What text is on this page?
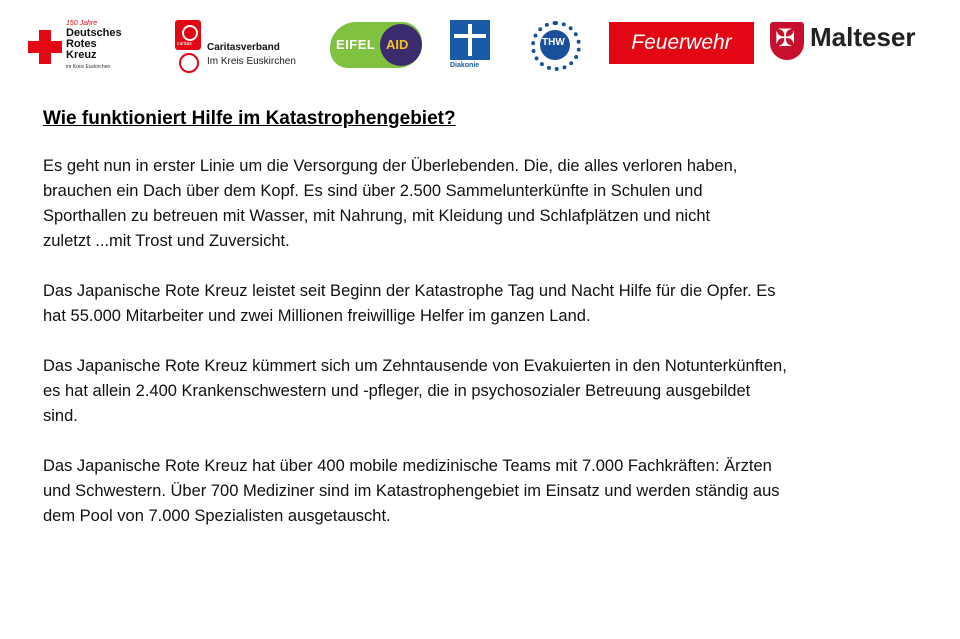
150 Jahre
Deutsches
Rotes
Kreuz
im Kreis Euskirchen
caritas Caritasverband
Im Kreis Euskirchen
EIFEL AID
Diakonie
THW	Feuerwehr	✠ Malteser
Wie funktioniert Hilfe im Katastrophengebiet?

Es geht nun in erster Linie um die Versorgung der Überlebenden. Die, die alles verloren haben,
brauchen ein Dach über dem Kopf. Es sind über 2.500 Sammelunterkünfte in Schulen und
Sporthallen zu betreuen mit Wasser, mit Nahrung, mit Kleidung und Schlafplätzen und nicht
zuletzt ...mit Trost und Zuversicht.

Das Japanische Rote Kreuz leistet seit Beginn der Katastrophe Tag und Nacht Hilfe für die Opfer. Es
hat 55.000 Mitarbeiter und zwei Millionen freiwillige Helfer im ganzen Land.

Das Japanische Rote Kreuz kümmert sich um Zehntausende von Evakuierten in den Notunterkünften,
es hat allein 2.400 Krankenschwestern und -pfleger, die in psychosozialer Betreuung ausgebildet
sind.

Das Japanische Rote Kreuz hat über 400 mobile medizinische Teams mit 7.000 Fachkräften: Ärzten
und Schwestern. Über 700 Mediziner sind im Katastrophengebiet im Einsatz und werden ständig aus
dem Pool von 7.000 Spezialisten ausgetauscht.
